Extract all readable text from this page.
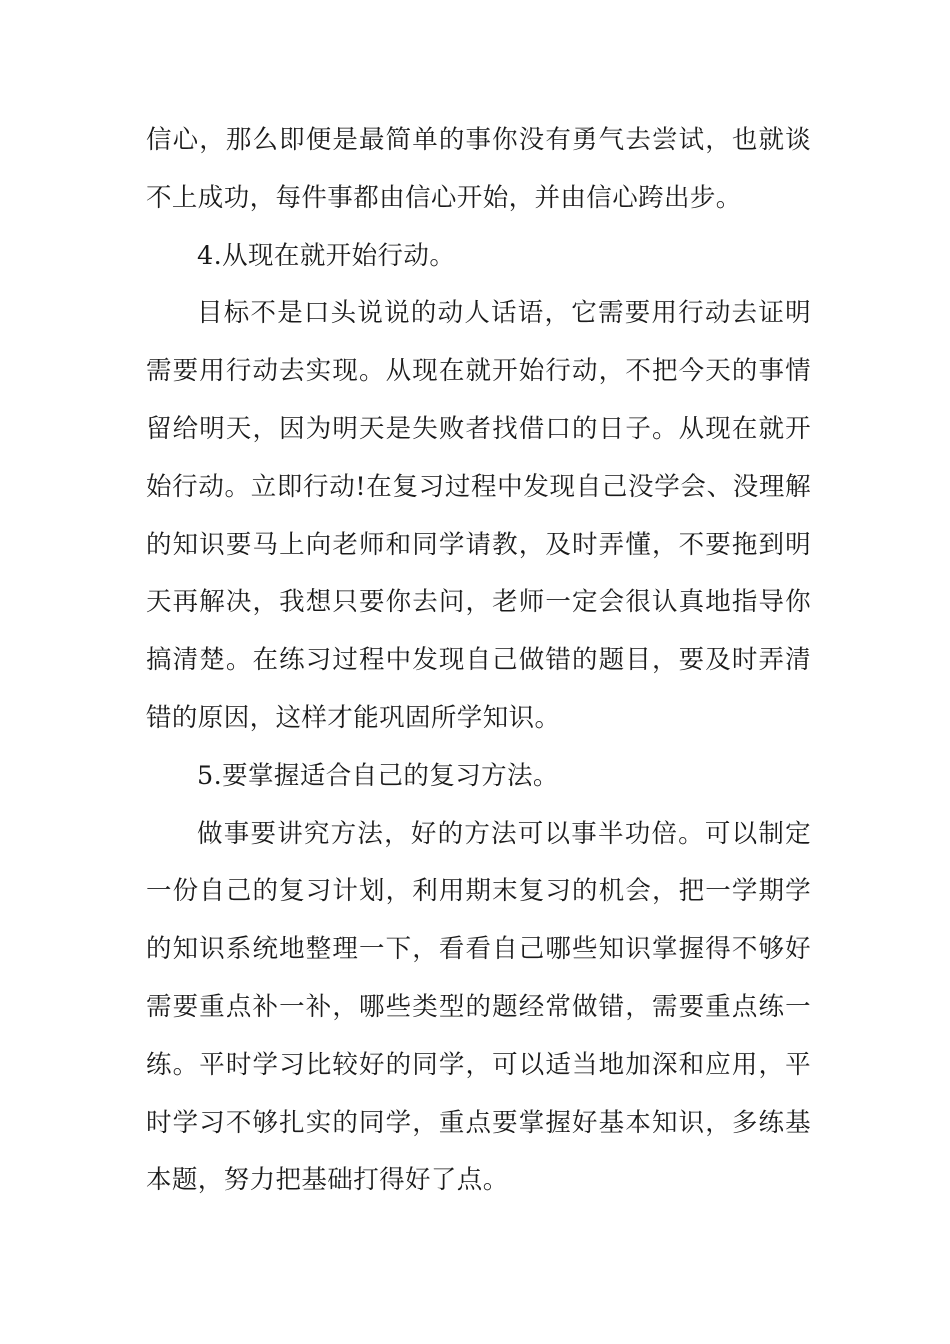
信心，那么即便是最简单的事你没有勇气去尝试，也就谈不上成功，每件事都由信心开始，并由信心跨出步。

4.从现在就开始行动。

目标不是口头说说的动人话语，它需要用行动去证明需要用行动去实现。从现在就开始行动，不把今天的事情留给明天，因为明天是失败者找借口的日子。从现在就开始行动。立即行动!在复习过程中发现自己没学会、没理解的知识要马上向老师和同学请教，及时弄懂，不要拖到明天再解决，我想只要你去问，老师一定会很认真地指导你搞清楚。在练习过程中发现自己做错的题目，要及时弄清错的原因，这样才能巩固所学知识。

5.要掌握适合自己的复习方法。

做事要讲究方法，好的方法可以事半功倍。可以制定一份自己的复习计划，利用期末复习的机会，把一学期学的知识系统地整理一下，看看自己哪些知识掌握得不够好需要重点补一补，哪些类型的题经常做错，需要重点练一练。平时学习比较好的同学，可以适当地加深和应用，平时学习不够扎实的同学，重点要掌握好基本知识，多练基本题，努力把基础打得好了点。
